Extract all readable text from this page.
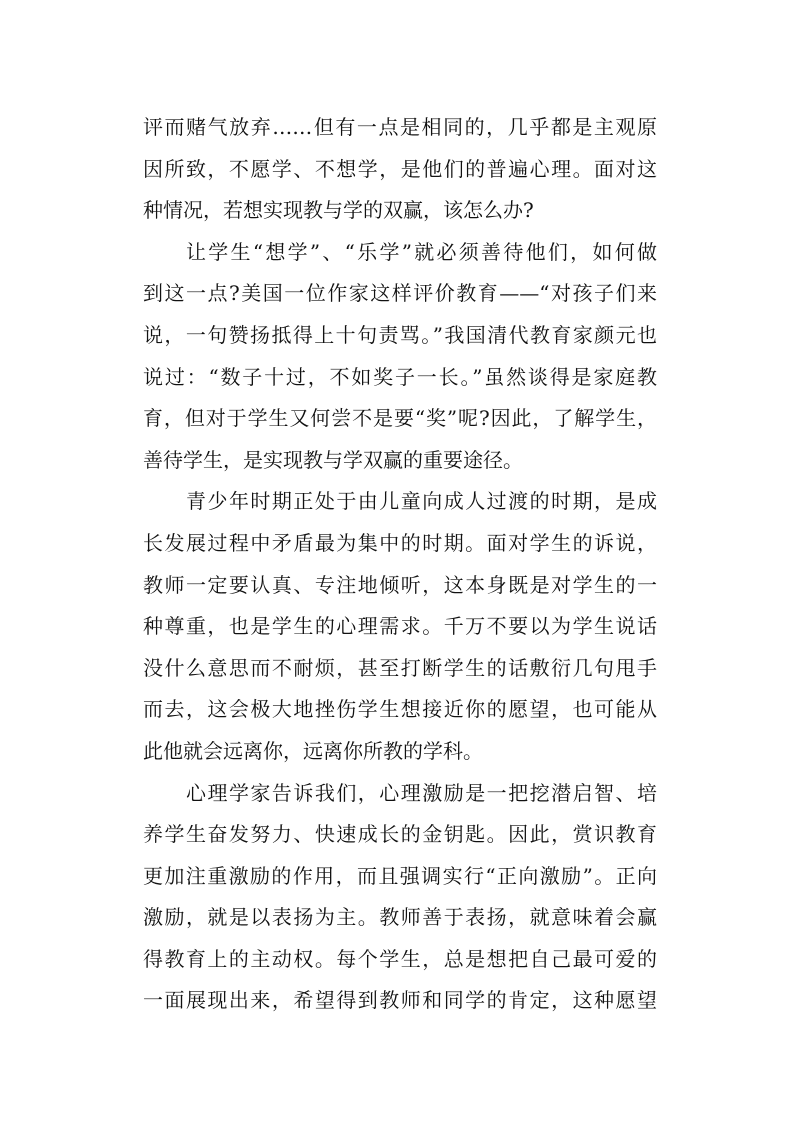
评而赌气放弃……但有一点是相同的，几乎都是主观原
因所致，不愿学、不想学，是他们的普遍心理。面对这
种情况，若想实现教与学的双赢，该怎么办?
让学生“想学”、“乐学”就必须善待他们，如何做
到这一点?美国一位作家这样评价教育——“对孩子们来
说，一句赞扬抵得上十句责骂。”我国清代教育家颜元也
说过：“数子十过，不如奖子一长。”虽然谈得是家庭教
育，但对于学生又何尝不是要“奖”呢?因此，了解学生，
善待学生，是实现教与学双赢的重要途径。
青少年时期正处于由儿童向成人过渡的时期，是成
长发展过程中矛盾最为集中的时期。面对学生的诉说，
教师一定要认真、专注地倾听，这本身既是对学生的一
种尊重，也是学生的心理需求。千万不要以为学生说话
没什么意思而不耐烦，甚至打断学生的话敷衍几句甩手
而去，这会极大地挫伤学生想接近你的愿望，也可能从
此他就会远离你，远离你所教的学科。
心理学家告诉我们，心理激励是一把挖潜启智、培
养学生奋发努力、快速成长的金钥匙。因此，赏识教育
更加注重激励的作用，而且强调实行“正向激励”。正向
激励，就是以表扬为主。教师善于表扬，就意味着会赢
得教育上的主动权。每个学生，总是想把自己最可爱的
一面展现出来，希望得到教师和同学的肯定，这种愿望
